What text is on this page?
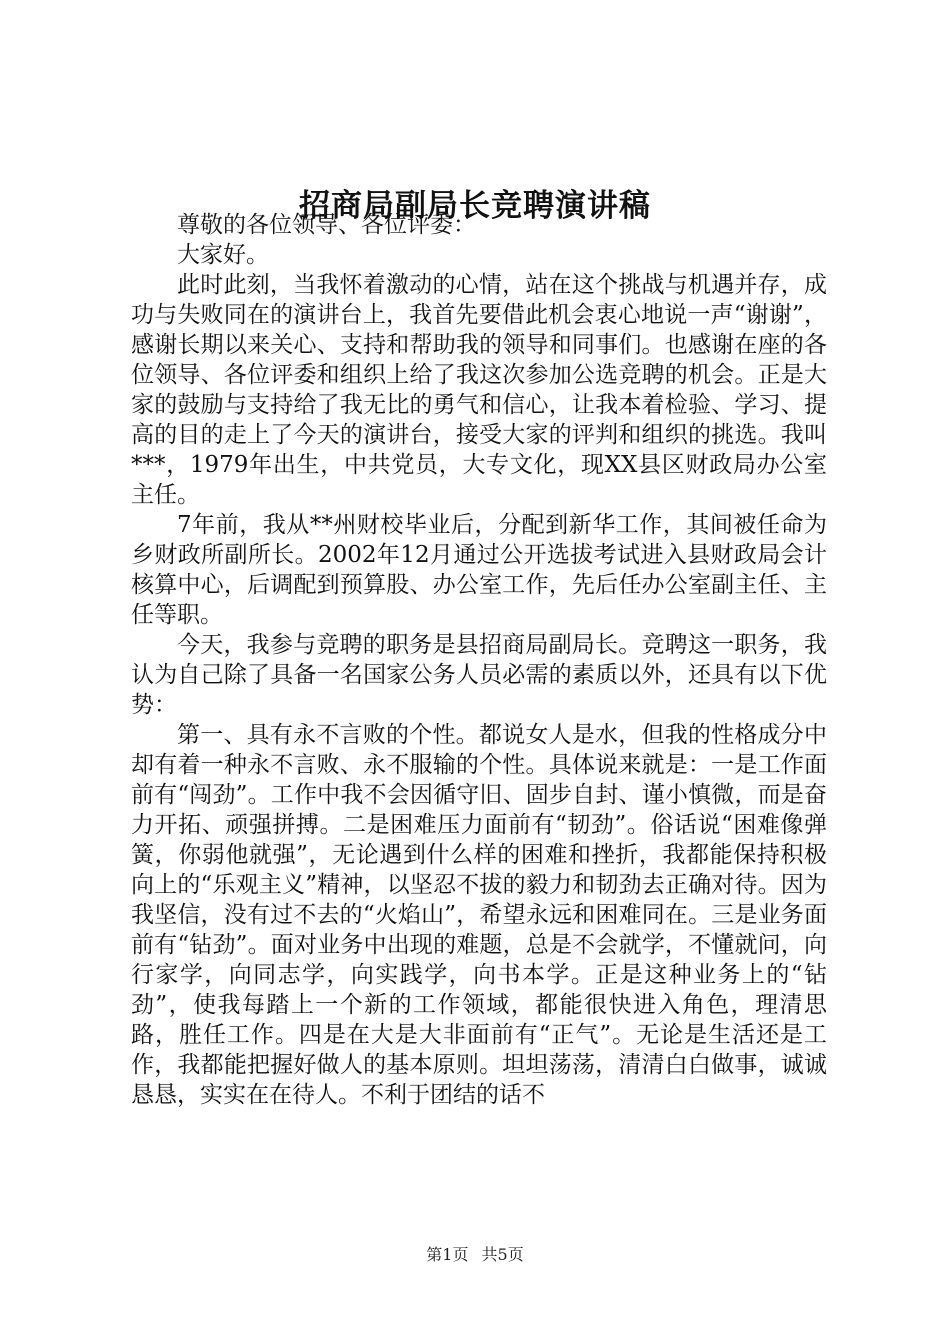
招商局副局长竞聘演讲稿

尊敬的各位领导、各位评委：

大家好。

此时此刻，当我怀着激动的心情，站在这个挑战与机遇并存，成功与失败同在的演讲台上，我首先要借此机会衷心地说一声“谢谢”，感谢长期以来关心、支持和帮助我的领导和同事们。也感谢在座的各位领导、各位评委和组织上给了我这次参加公选竞聘的机会。正是大家的鼓励与支持给了我无比的勇气和信心，让我本着检验、学习、提高的目的走上了今天的演讲台，接受大家的评判和组织的挑选。我叫***，1979年出生，中共党员，大专文化，现XX县区财政局办公室主任。

7年前，我从**州财校毕业后，分配到新华工作，其间被任命为乡财政所副所长。2002年12月通过公开选拔考试进入县财政局会计核算中心，后调配到预算股、办公室工作，先后任办公室副主任、主任等职。

今天，我参与竞聘的职务是县招商局副局长。竞聘这一职务，我认为自己除了具备一名国家公务人员必需的素质以外，还具有以下优势：

第一、具有永不言败的个性。都说女人是水，但我的性格成分中却有着一种永不言败、永不服输的个性。具体说来就是：一是工作面前有“闯劲”。工作中我不会因循守旧、固步自封、谨小慎微，而是奋力开拓、顽强拼搏。二是困难压力面前有“韧劲”。俗话说“困难像弹簧，你弱他就强”，无论遇到什么样的困难和挫折，我都能保持积极向上的“乐观主义”精神，以坚忍不拔的毅力和韧劲去正确对待。因为我坚信，没有过不去的“火焰山”，希望永远和困难同在。三是业务面前有“钻劲”。面对业务中出现的难题，总是不会就学，不懂就问，向行家学，向同志学，向实践学，向书本学。正是这种业务上的“钻劲”，使我每踏上一个新的工作领域，都能很快进入角色，理清思路，胜任工作。四是在大是大非面前有“正气”。无论是生活还是工作，我都能把握好做人的基本原则。坦坦荡荡，清清白白做事，诚诚恳恳，实实在在待人。不利于团结的话不

第1页 共5页
